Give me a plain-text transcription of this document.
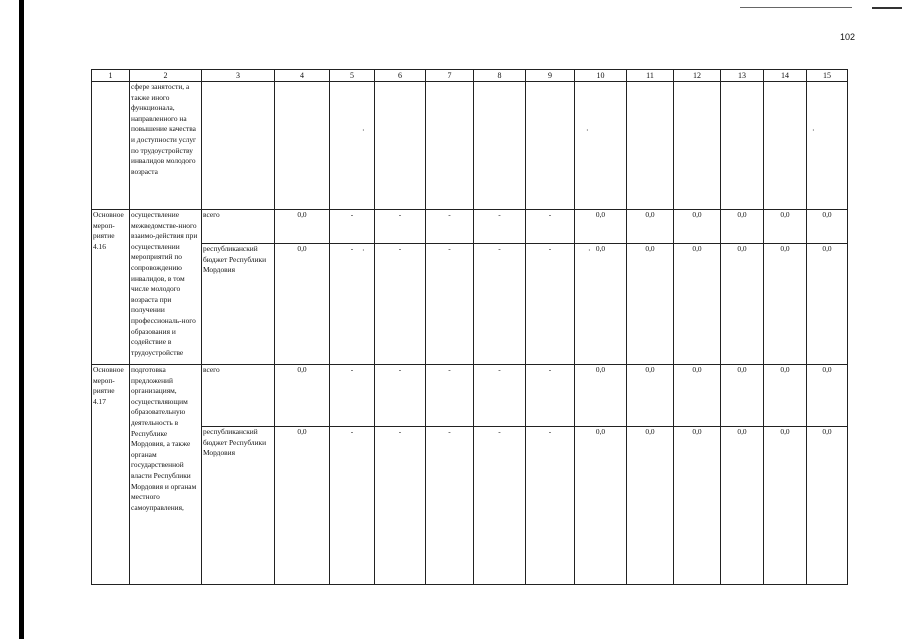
102
1	2	3	4	5	6	7	8	9	10	11	12	13	14	15
	сфере занятости, а также иного функционала, направленного на повышение качества и доступности услуг по трудоустройству инвалидов молодого возраста													
Основное мероп-риятие 4.16	осуществление межведомстве-нного взаимо-действия при осуществлении мероприятий по сопровождению инвалидов, в том числе молодого возраста при получении профессиональ-ного образования и содействие в трудоустройстве	всего	0,0	-	-	-	-	-	0,0	0,0	0,0	0,0	0,0	0,0
		республиканский бюджет Республики Мордовия	0,0	-	-	-	-	-	0,0	0,0	0,0	0,0	0,0	0,0
Основное мероп-риятие 4.17	подготовка предложений организациям, осуществляющим образовательную деятельность в Республике Мордовия, а также органам государственной власти Республики Мордовия и органам местного самоуправления,	всего	0,0	-	-	-	-	-	0,0	0,0	0,0	0,0	0,0	0,0
		республиканский бюджет Республики Мордовия	0,0	-	-	-	-	-	0,0	0,0	0,0	0,0	0,0	0,0
·	·	·
·	·
